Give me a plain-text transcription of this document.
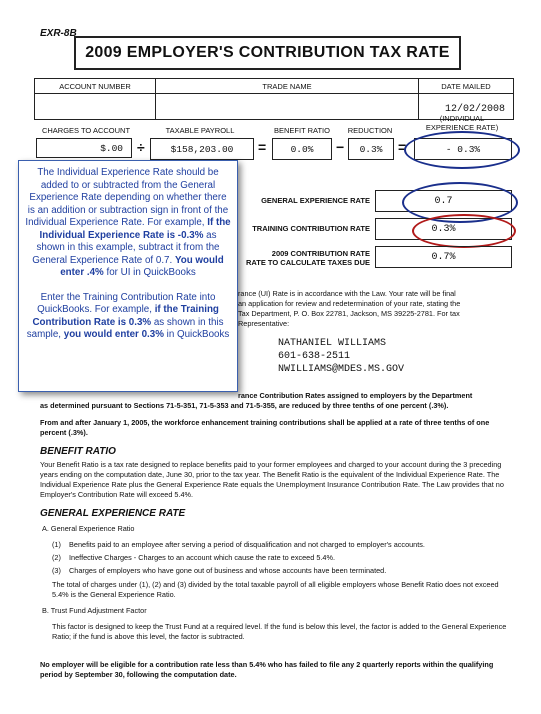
EXR-8B
2009 EMPLOYER'S CONTRIBUTION TAX RATE
ACCOUNT NUMBER	TRADE NAME	DATE MAILED
12/02/2008
CHARGES TO ACCOUNT	TAXABLE PAYROLL	BENEFIT RATIO	REDUCTION
(INDIVIDUAL
EXPERIENCE RATE)
$.00 ÷	$158,203.00 =	0.0% − 0.3% =	- 0.3%
GENERAL EXPERIENCE RATE	0.7
TRAINING CONTRIBUTION RATE	0.3%
2009 CONTRIBUTION RATE
RATE TO CALCULATE TAXES DUE	0.7%
rance (UI) Rate is in accordance with the Law. Your rate will be final
an application for review and redetermination of your rate, stating the
Tax Department, P. O. Box 22781, Jackson, MS 39225-2781. For tax
Representative:
NATHANIEL WILLIAMS
601-638-2511
NWILLIAMS@MDES.MS.GOV
rance Contribution Rates assigned to employers by the Department
as determined pursuant to Sections 71-5-351, 71-5-353 and 71-5-355, are reduced by three tenths of one percent (.3%).
From and after January 1, 2005, the workforce enhancement training contributions shall be applied at a rate of three tenths of one percent (.3%).
BENEFIT RATIO
Your Benefit Ratio is a tax rate designed to replace benefits paid to your former employees and charged to your account during the 3 preceding years ending on the computation date, June 30, prior to the tax year. The Benefit Ratio is the equivalent of the Individual Experience Rate. The Individual Experience Rate plus the General Experience Rate equals the Unemployment Insurance Contribution Rate. The Law provides that no Employer's Contribution Rate will exceed 5.4%.
GENERAL EXPERIENCE RATE
A. General Experience Ratio
(1) Benefits paid to an employee after serving a period of disqualification and not charged to employer's accounts.
(2) Ineffective Charges - Charges to an account which cause the rate to exceed 5.4%.
(3) Charges of employers who have gone out of business and whose accounts have been terminated.
The total of charges under (1), (2) and (3) divided by the total taxable payroll of all eligible employers whose Benefit Ratio does not exceed 5.4% is the General Experience Ratio.
B. Trust Fund Adjustment Factor
This factor is designed to keep the Trust Fund at a required level. If the fund is below this level, the factor is added to the General Experience Ratio; if the fund is above this level, the factor is subtracted.
No employer will be eligible for a contribution rate less than 5.4% who has failed to file any 2 quarterly reports within the qualifying period by September 30, following the computation date.
The Individual Experience Rate should be added to or subtracted from the General Experience Rate depending on whether there is an addition or subtraction sign in front of the Individual Experience Rate. For example, If the Individual Experience Rate is -0.3% as shown in this example, subtract it from the General Experience Rate of 0.7. You would enter .4% for UI in QuickBooks
Enter the Training Contribution Rate into QuickBooks. For example, if the Training Contribution Rate is 0.3% as shown in this sample, you would enter 0.3% in QuickBooks
